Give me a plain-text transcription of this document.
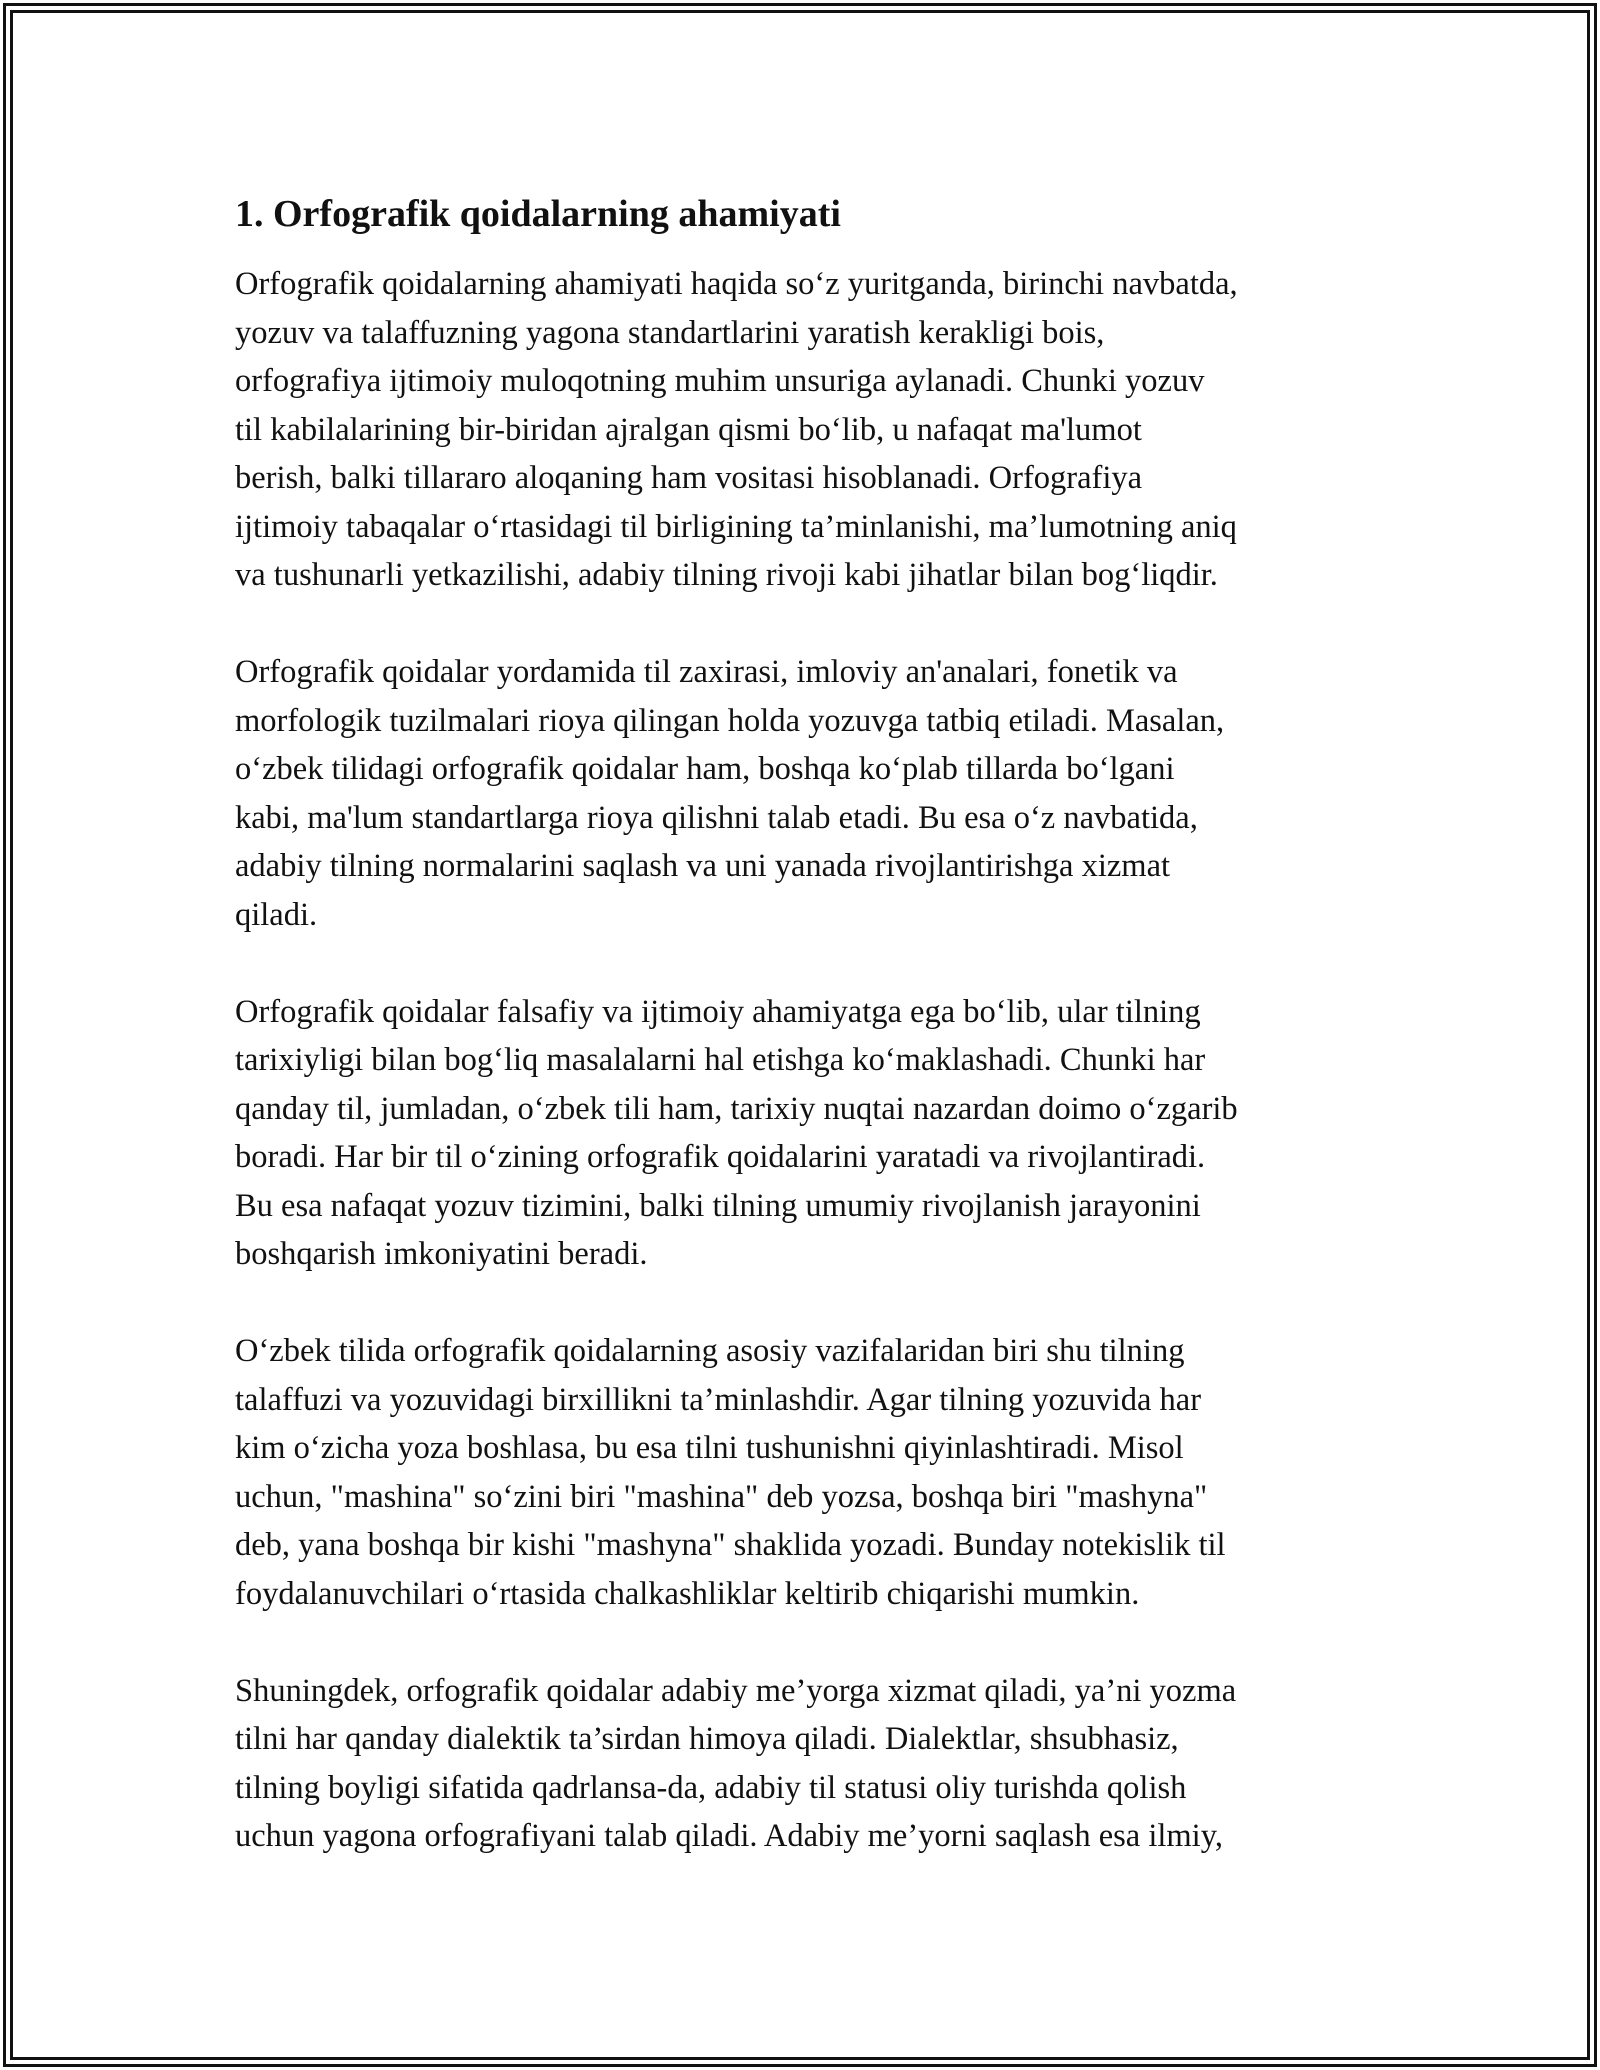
1. Orfografik qoidalarning ahamiyati
Orfografik qoidalarning ahamiyati haqida so‘z yuritganda, birinchi navbatda,
yozuv va talaffuzning yagona standartlarini yaratish kerakligi bois,
orfografiya ijtimoiy muloqotning muhim unsuriga aylanadi. Chunki yozuv
til kabilalarining bir-biridan ajralgan qismi bo‘lib, u nafaqat ma'lumot
berish, balki tillararo aloqaning ham vositasi hisoblanadi. Orfografiya
ijtimoiy tabaqalar o‘rtasidagi til birligining ta’minlanishi, ma’lumotning aniq
va tushunarli yetkazilishi, adabiy tilning rivoji kabi jihatlar bilan bog‘liqdir.
Orfografik qoidalar yordamida til zaxirasi, imloviy an'analari, fonetik va
morfologik tuzilmalari rioya qilingan holda yozuvga tatbiq etiladi. Masalan,
o‘zbek tilidagi orfografik qoidalar ham, boshqa ko‘plab tillarda bo‘lgani
kabi, ma'lum standartlarga rioya qilishni talab etadi. Bu esa o‘z navbatida,
adabiy tilning normalarini saqlash va uni yanada rivojlantirishga xizmat
qiladi.
Orfografik qoidalar falsafiy va ijtimoiy ahamiyatga ega bo‘lib, ular tilning
tarixiyligi bilan bog‘liq masalalarni hal etishga ko‘maklashadi. Chunki har
qanday til, jumladan, o‘zbek tili ham, tarixiy nuqtai nazardan doimo o‘zgarib
boradi. Har bir til o‘zining orfografik qoidalarini yaratadi va rivojlantiradi.
Bu esa nafaqat yozuv tizimini, balki tilning umumiy rivojlanish jarayonini
boshqarish imkoniyatini beradi.
O‘zbek tilida orfografik qoidalarning asosiy vazifalaridan biri shu tilning
talaffuzi va yozuvidagi birxillikni ta’minlashdir. Agar tilning yozuvida har
kim o‘zicha yoza boshlasa, bu esa tilni tushunishni qiyinlashtiradi. Misol
uchun, "mashina" so‘zini biri "mashina" deb yozsa, boshqa biri "mashyna"
deb, yana boshqa bir kishi "mashyna" shaklida yozadi. Bunday notekislik til
foydalanuvchilari o‘rtasida chalkashliklar keltirib chiqarishi mumkin.
Shuningdek, orfografik qoidalar adabiy me’yorga xizmat qiladi, ya’ni yozma
tilni har qanday dialektik ta’sirdan himoya qiladi. Dialektlar, shsubhasiz,
tilning boyligi sifatida qadrlansa-da, adabiy til statusi oliy turishda qolish
uchun yagona orfografiyani talab qiladi. Adabiy me’yorni saqlash esa ilmiy,
